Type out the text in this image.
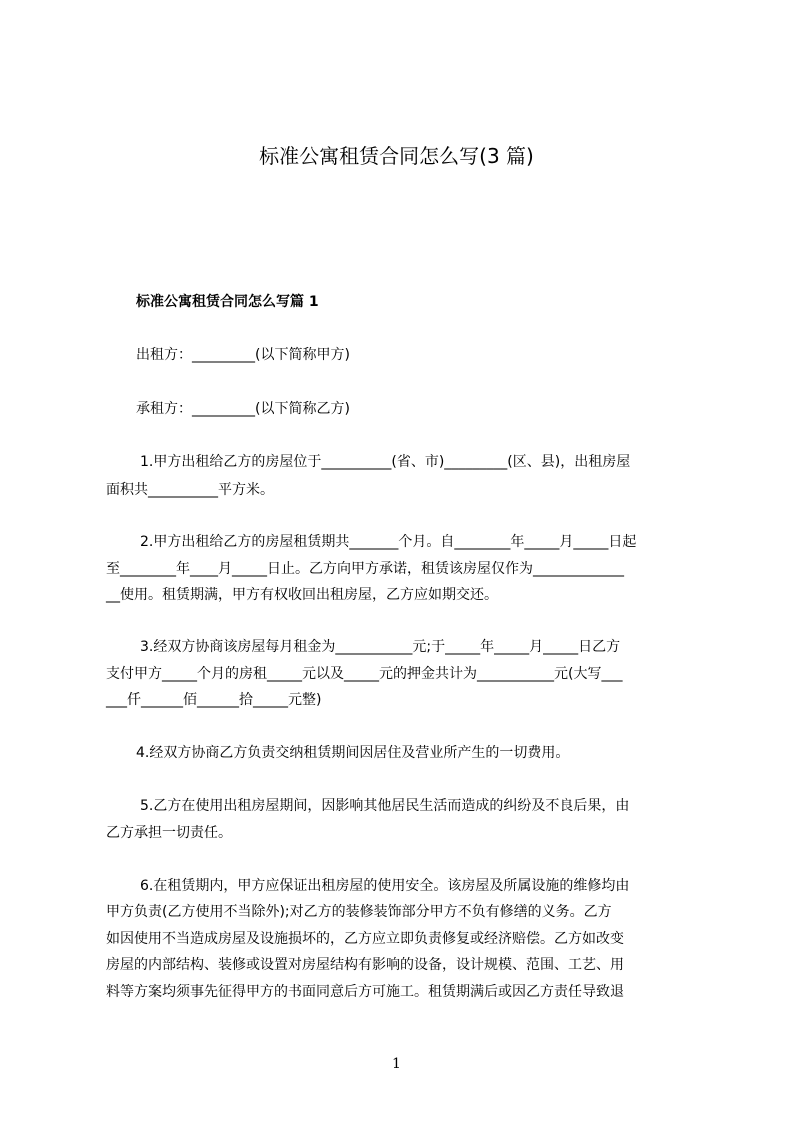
标准公寓租赁合同怎么写(3 篇)
标准公寓租赁合同怎么写篇 1
出租方：_________(以下简称甲方)
承租方：_________(以下简称乙方)
1.甲方出租给乙方的房屋位于__________(省、市)_________(区、县)，出租房屋
面积共__________平方米。
2.甲方出租给乙方的房屋租赁期共_______个月。自________年_____月_____日起
至________年____月_____日止。乙方向甲方承诺，租赁该房屋仅作为_____________
__使用。租赁期满，甲方有权收回出租房屋，乙方应如期交还。
3.经双方协商该房屋每月租金为___________元;于_____年_____月_____日乙方
支付甲方_____个月的房租_____元以及_____元的押金共计为___________元(大写___
___仟______佰______拾_____元整)
4.经双方协商乙方负责交纳租赁期间因居住及营业所产生的一切费用。
5.乙方在使用出租房屋期间，因影响其他居民生活而造成的纠纷及不良后果，由
乙方承担一切责任。
6.在租赁期内，甲方应保证出租房屋的使用安全。该房屋及所属设施的维修均由
甲方负责(乙方使用不当除外);对乙方的装修装饰部分甲方不负有修缮的义务。乙方
如因使用不当造成房屋及设施损坏的，乙方应立即负责修复或经济赔偿。乙方如改变
房屋的内部结构、装修或设置对房屋结构有影响的设备，设计规模、范围、工艺、用
料等方案均须事先征得甲方的书面同意后方可施工。租赁期满后或因乙方责任导致退
1
